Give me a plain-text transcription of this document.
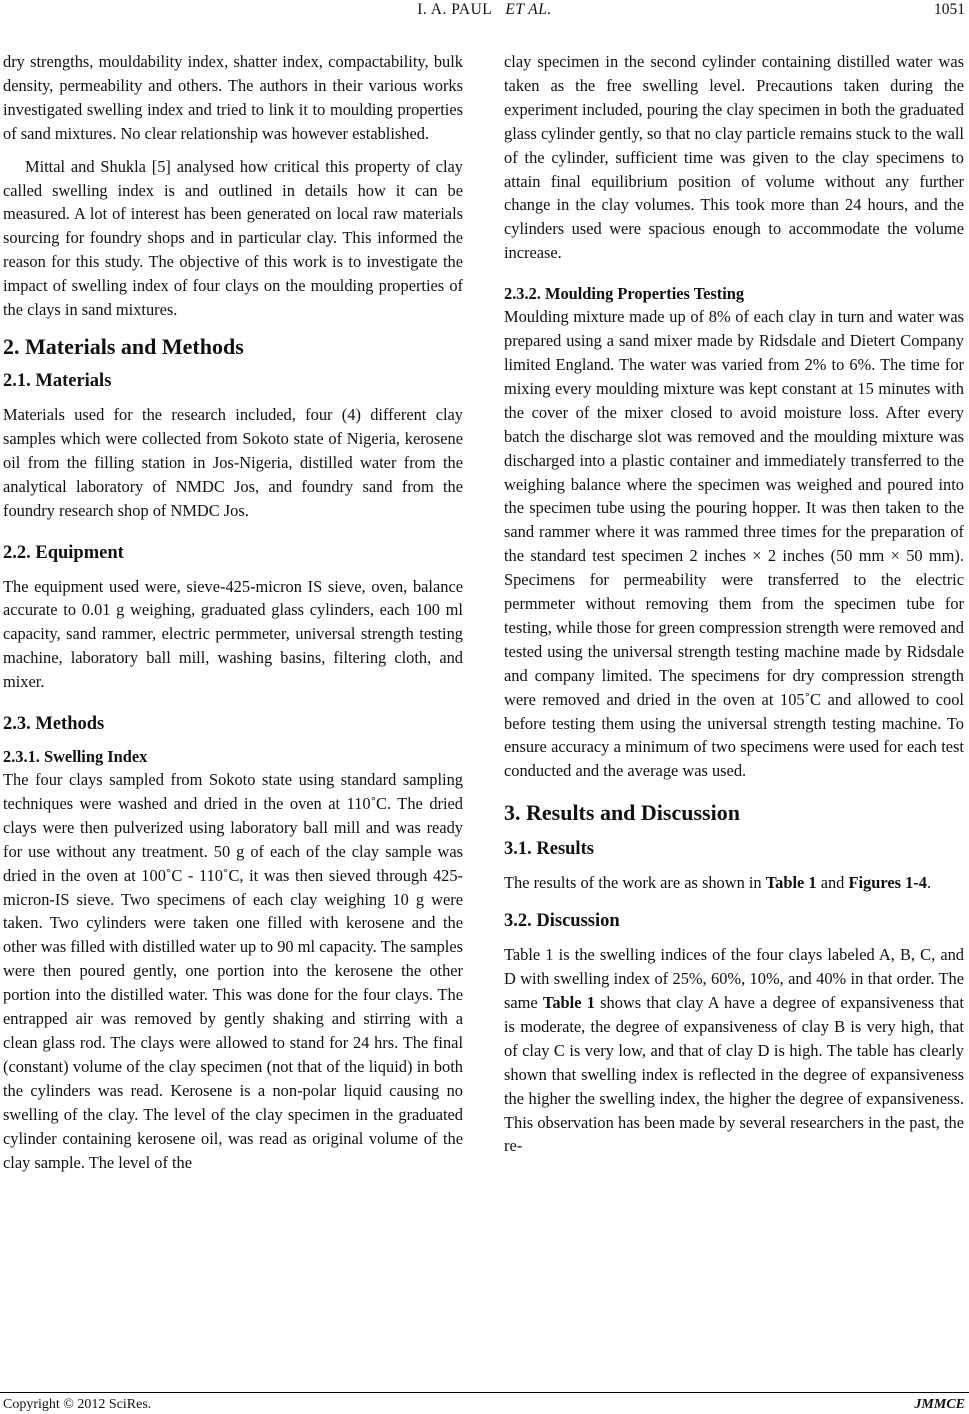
I. A. PAUL ET AL.	1051

dry strengths, mouldability index, shatter index, compactability, bulk density, permeability and others. The authors in their various works investigated swelling index and tried to link it to moulding properties of sand mixtures. No clear relationship was however established.

Mittal and Shukla [5] analysed how critical this property of clay called swelling index is and outlined in details how it can be measured. A lot of interest has been generated on local raw materials sourcing for foundry shops and in particular clay. This informed the reason for this study. The objective of this work is to investigate the impact of swelling index of four clays on the moulding properties of the clays in sand mixtures.

2. Materials and Methods
2.1. Materials

Materials used for the research included, four (4) different clay samples which were collected from Sokoto state of Nigeria, kerosene oil from the filling station in Jos-Nigeria, distilled water from the analytical laboratory of NMDC Jos, and foundry sand from the foundry research shop of NMDC Jos.

2.2. Equipment

The equipment used were, sieve-425-micron IS sieve, oven, balance accurate to 0.01 g weighing, graduated glass cylinders, each 100 ml capacity, sand rammer, electric permmeter, universal strength testing machine, laboratory ball mill, washing basins, filtering cloth, and mixer.

2.3. Methods
2.3.1. Swelling Index

The four clays sampled from Sokoto state using standard sampling techniques were washed and dried in the oven at 110˚C. The dried clays were then pulverized using laboratory ball mill and was ready for use without any treatment. 50 g of each of the clay sample was dried in the oven at 100˚C - 110˚C, it was then sieved through 425-micron-IS sieve. Two specimens of each clay weighing 10 g were taken. Two cylinders were taken one filled with kerosene and the other was filled with distilled water up to 90 ml capacity. The samples were then poured gently, one portion into the kerosene the other portion into the distilled water. This was done for the four clays. The entrapped air was removed by gently shaking and stirring with a clean glass rod. The clays were allowed to stand for 24 hrs. The final (constant) volume of the clay specimen (not that of the liquid) in both the cylinders was read. Kerosene is a non-polar liquid causing no swelling of the clay. The level of the clay specimen in the graduated cylinder containing kerosene oil, was read as original volume of the clay sample. The level of the

clay specimen in the second cylinder containing distilled water was taken as the free swelling level. Precautions taken during the experiment included, pouring the clay specimen in both the graduated glass cylinder gently, so that no clay particle remains stuck to the wall of the cylinder, sufficient time was given to the clay specimens to attain final equilibrium position of volume without any further change in the clay volumes. This took more than 24 hours, and the cylinders used were spacious enough to accommodate the volume increase.

2.3.2. Moulding Properties Testing

Moulding mixture made up of 8% of each clay in turn and water was prepared using a sand mixer made by Ridsdale and Dietert Company limited England. The water was varied from 2% to 6%. The time for mixing every moulding mixture was kept constant at 15 minutes with the cover of the mixer closed to avoid moisture loss. After every batch the discharge slot was removed and the moulding mixture was discharged into a plastic container and immediately transferred to the weighing balance where the specimen was weighed and poured into the specimen tube using the pouring hopper. It was then taken to the sand rammer where it was rammed three times for the preparation of the standard test specimen 2 inches × 2 inches (50 mm × 50 mm). Specimens for permeability were transferred to the electric permmeter without removing them from the specimen tube for testing, while those for green compression strength were removed and tested using the universal strength testing machine made by Ridsdale and company limited. The specimens for dry compression strength were removed and dried in the oven at 105˚C and allowed to cool before testing them using the universal strength testing machine. To ensure accuracy a minimum of two specimens were used for each test conducted and the average was used.

3. Results and Discussion
3.1. Results

The results of the work are as shown in Table 1 and Figures 1-4.

3.2. Discussion

Table 1 is the swelling indices of the four clays labeled A, B, C, and D with swelling index of 25%, 60%, 10%, and 40% in that order. The same Table 1 shows that clay A have a degree of expansiveness that is moderate, the degree of expansiveness of clay B is very high, that of clay C is very low, and that of clay D is high. The table has clearly shown that swelling index is reflected in the degree of expansiveness the higher the swelling index, the higher the degree of expansiveness. This observation has been made by several researchers in the past, the re-

Copyright © 2012 SciRes.	JMMCE
